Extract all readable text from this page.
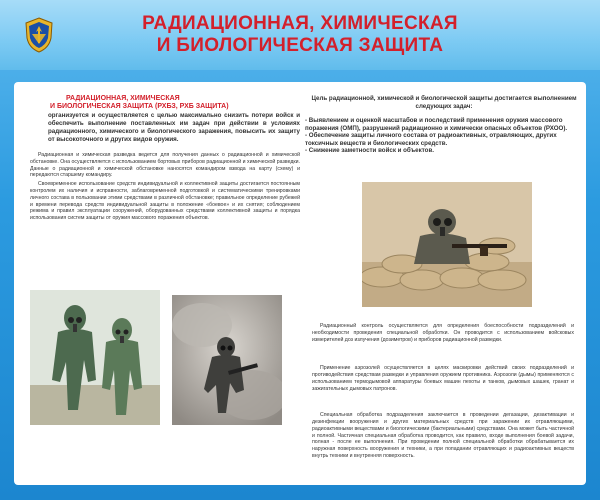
РАДИАЦИОННАЯ, ХИМИЧЕСКАЯ
И БИОЛОГИЧЕСКАЯ ЗАЩИТА

РАДИАЦИОННАЯ, ХИМИЧЕСКАЯ

И БИОЛОГИЧЕСКАЯ ЗАЩИТА (РХБЗ, РХБ ЗАЩИТА)

организуется и осуществляется с целью максимально снизить потери войск и обеспечить выполнение поставленных им задач при действии в условиях радиационного, химического и биологического заражения, повысить их защиту от высокоточного и других видов оружия.

Радиационная и химическая разведка ведется для получения данных о радиационной и химической обстановке. Она осуществляется с использованием бортовых приборов радиационной и химической разведки. Данные о радиационной и химической обстановке наносятся командиром взвода на карту (схему) и передаются старшему командиру.

Своевременное использование средств индивидуальной и коллективной защиты достигается постоянным контролем их наличия и исправности, заблаговременной подготовкой и систематическими тренировками личного состава в пользовании этими средствами в различной обстановке; правильное определение рубежей и времени перевода средств индивидуальной защиты в положение «боевое» и их снятия; соблюдением режима и правил эксплуатации сооружений, оборудованных средствами коллективной защиты и порядка использования систем защиты от оружия массового поражения объектов.

Цель радиационной, химической и биологической защиты достигается выполнением следующих задач:

- Выявлением и оценкой масштабов и последствий применения оружия массового поражения (ОМП), разрушений радиационно и химически опасных объектов (РХОО).
- Обеспечение защиты личного состава от радиоактивных, отравляющих, других токсичных веществ и биологических средств.
- Снижение заметности войск и объектов.

Радиационный контроль осуществляется для определения боеспособности подразделений и необходимости проведения специальной обработки. Он проводится с использованием войсковых измерителей доз излучения (дозиметров) и приборов радиационной разведки.

Применение аэрозолей осуществляется в целях маскировки действий своих подразделений и противодействия средствам разведки и управления оружием противника. Аэрозоли (дымы) применяются с использованием термодымовой аппаратуры боевых машин пехоты и танков, дымовых шашек, гранат и зажигательных дымовых патронов.

Специальная обработка подразделения заключается в проведении дегазации, дезактивации и дезинфекции вооружения и других материальных средств при заражении их отравляющими, радиоактивными веществами и биологическими (бактериальными) средствами. Она может быть частичной и полной. Частичная специальная обработка проводится, как правило, входе выполнения боевой задачи, полная - после ее выполнения. При проведении полной специальной обработки обрабатывается их наружная поверхность вооружения и техники, а при попадании отравляющих и радиоактивных веществ внутрь техники и внутренняя поверхность.
